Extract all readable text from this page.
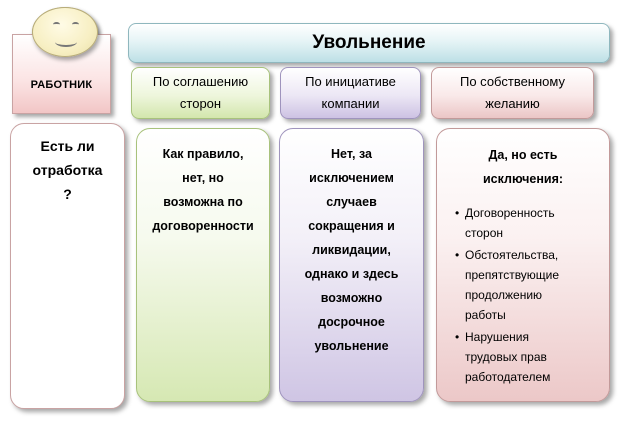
РАБОТНИК
Увольнение
По соглашению
сторон
По инициативе
компании
По собственному
желанию
Есть ли
отработка
?
Как правило,
нет, но
возможна по
договоренности
Нет, за
исключением
случаев
сокращения и
ликвидации,
однако и здесь
возможно
досрочное
увольнение
Да, но есть
исключения:
• Договоренность
сторон
• Обстоятельства,
препятствующие
продолжению
работы
• Нарушения
трудовых прав
работодателем
